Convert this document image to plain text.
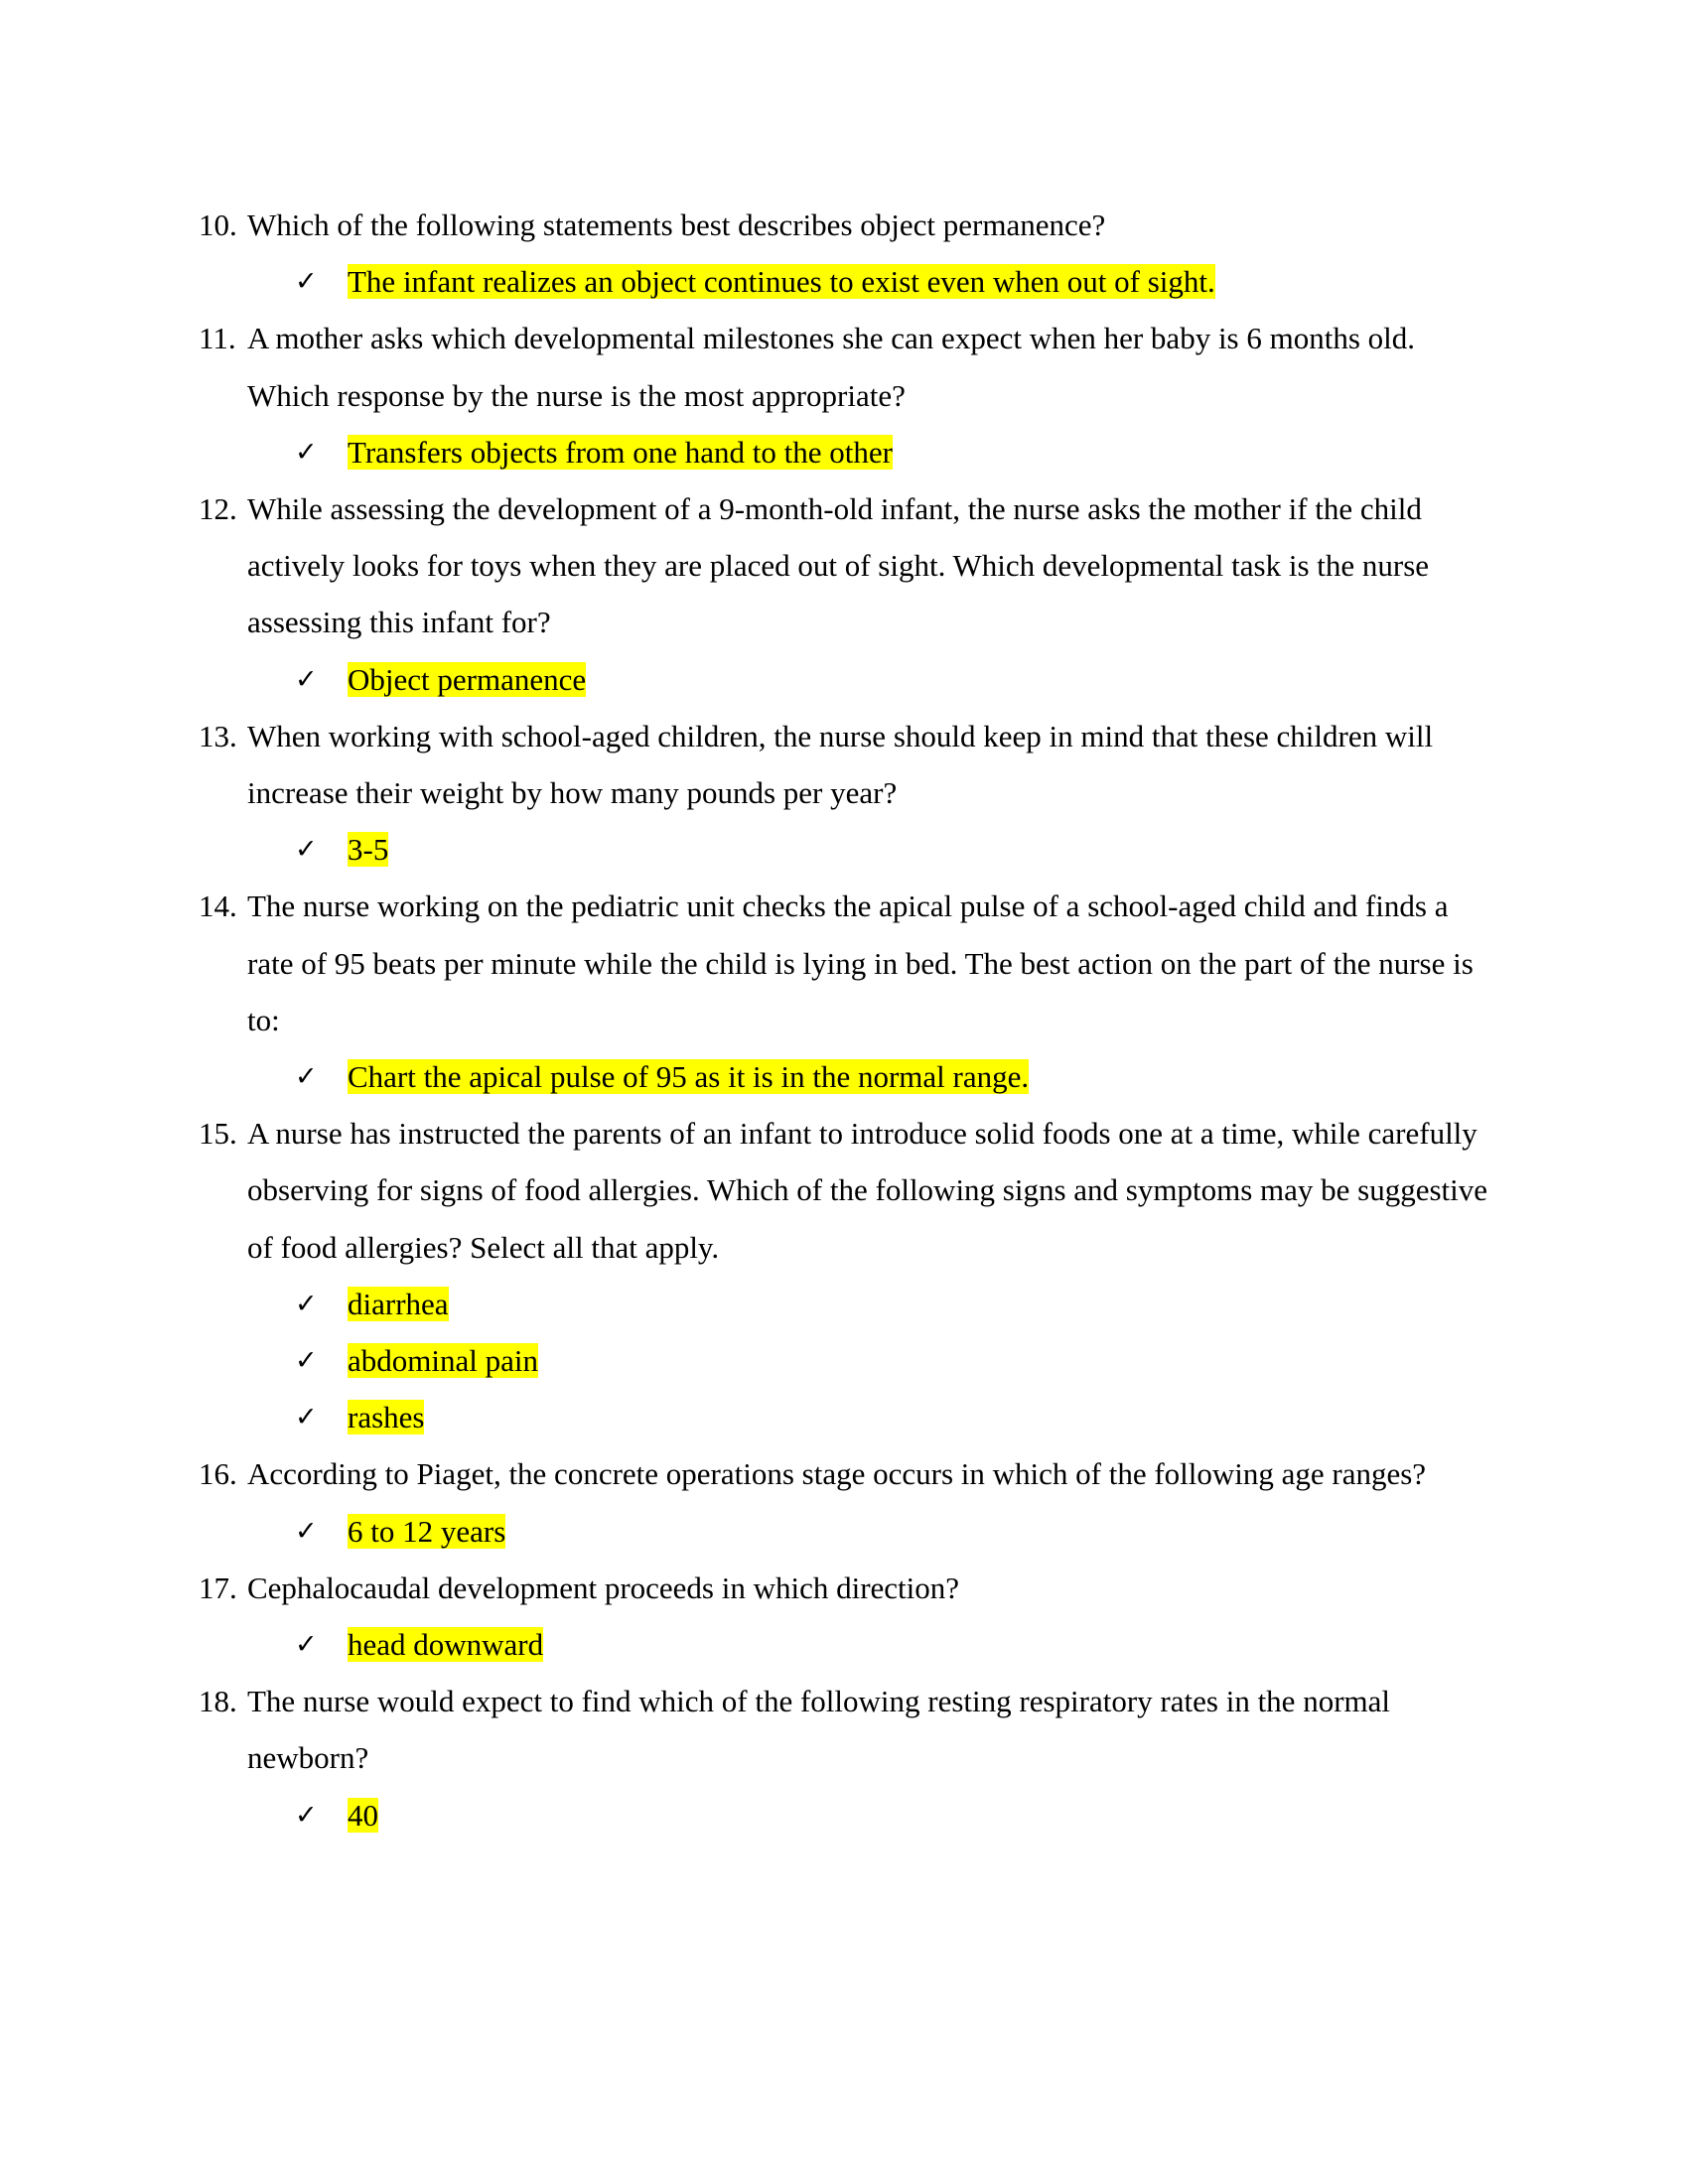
10. Which of the following statements best describes object permanence?
✓ The infant realizes an object continues to exist even when out of sight.
11. A mother asks which developmental milestones she can expect when her baby is 6 months old. Which response by the nurse is the most appropriate?
✓ Transfers objects from one hand to the other
12. While assessing the development of a 9-month-old infant, the nurse asks the mother if the child actively looks for toys when they are placed out of sight. Which developmental task is the nurse assessing this infant for?
✓ Object permanence
13. When working with school-aged children, the nurse should keep in mind that these children will increase their weight by how many pounds per year?
✓ 3-5
14. The nurse working on the pediatric unit checks the apical pulse of a school-aged child and finds a rate of 95 beats per minute while the child is lying in bed. The best action on the part of the nurse is to:
✓ Chart the apical pulse of 95 as it is in the normal range.
15. A nurse has instructed the parents of an infant to introduce solid foods one at a time, while carefully observing for signs of food allergies. Which of the following signs and symptoms may be suggestive of food allergies? Select all that apply.
✓ diarrhea
✓ abdominal pain
✓ rashes
16. According to Piaget, the concrete operations stage occurs in which of the following age ranges?
✓ 6 to 12 years
17. Cephalocaudal development proceeds in which direction?
✓ head downward
18. The nurse would expect to find which of the following resting respiratory rates in the normal newborn?
✓ 40
